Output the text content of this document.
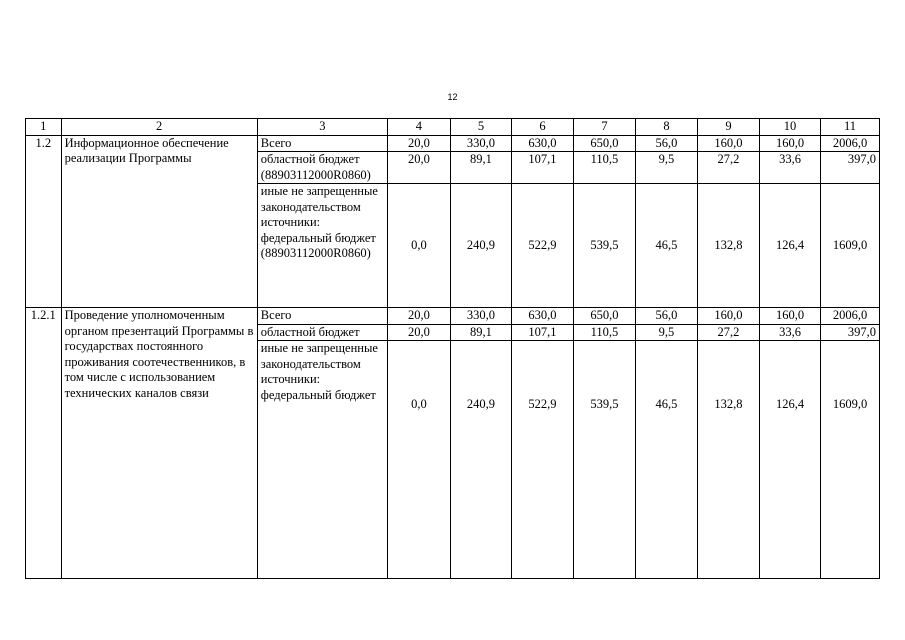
12
1	2	3	4	5	6	7	8	9	10	11
1.2	Информационное обеспечение реализации Программы	Всего	20,0	330,0	630,0	650,0	56,0	160,0	160,0	2006,0
		областной бюджет (88903112000R0860)	20,0	89,1	107,1	110,5	9,5	27,2	33,6	397,0
		иные не запрещенные законодательством источники: федеральный бюджет (88903112000R0860)	0,0	240,9	522,9	539,5	46,5	132,8	126,4	1609,0
1.2.1	Проведение уполномоченным органом презентаций Программы в государствах постоянного проживания соотечественников, в том числе с использованием технических каналов связи	Всего	20,0	330,0	630,0	650,0	56,0	160,0	160,0	2006,0
		областной бюджет	20,0	89,1	107,1	110,5	9,5	27,2	33,6	397,0
		иные не запрещенные законодательством источники: федеральный бюджет	0,0	240,9	522,9	539,5	46,5	132,8	126,4	1609,0
